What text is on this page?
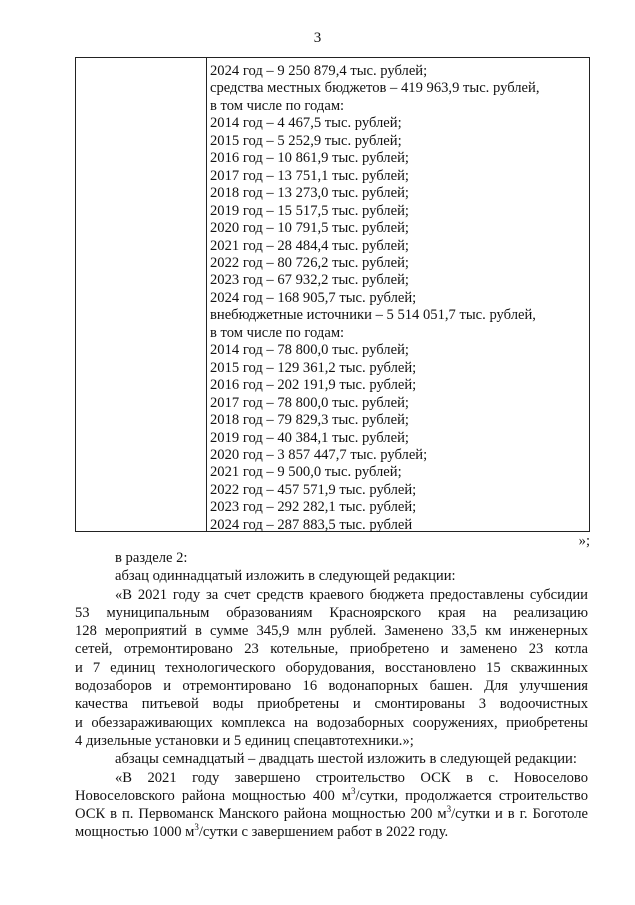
3
2024 год – 9 250 879,4 тыс. рублей;
средства местных бюджетов – 419 963,9 тыс. рублей,
в том числе по годам:
2014 год – 4 467,5 тыс. рублей;
2015 год – 5 252,9 тыс. рублей;
2016 год – 10 861,9 тыс. рублей;
2017 год – 13 751,1 тыс. рублей;
2018 год – 13 273,0 тыс. рублей;
2019 год – 15 517,5 тыс. рублей;
2020 год – 10 791,5 тыс. рублей;
2021 год – 28 484,4 тыс. рублей;
2022 год – 80 726,2 тыс. рублей;
2023 год – 67 932,2 тыс. рублей;
2024 год – 168 905,7 тыс. рублей;
внебюджетные источники – 5 514 051,7 тыс. рублей,
в том числе по годам:
2014 год – 78 800,0 тыс. рублей;
2015 год – 129 361,2 тыс. рублей;
2016 год – 202 191,9 тыс. рублей;
2017 год – 78 800,0 тыс. рублей;
2018 год – 79 829,3 тыс. рублей;
2019 год – 40 384,1 тыс. рублей;
2020 год – 3 857 447,7 тыс. рублей;
2021 год – 9 500,0 тыс. рублей;
2022 год – 457 571,9 тыс. рублей;
2023 год – 292 282,1 тыс. рублей;
2024 год – 287 883,5 тыс. рублей
»;

в разделе 2:

абзац одиннадцатый изложить в следующей редакции:

«В 2021 году за счет средств краевого бюджета предоставлены субсидии

53 муниципальным образованиям Красноярского края на реализацию

128 мероприятий в сумме 345,9 млн рублей. Заменено 33,5 км инженерных

сетей, отремонтировано 23 котельные, приобретено и заменено 23 котла

и 7 единиц технологического оборудования, восстановлено 15 скважинных

водозаборов и отремонтировано 16 водонапорных башен. Для улучшения

качества питьевой воды приобретены и смонтированы 3 водоочистных

и обеззараживающих комплекса на водозаборных сооружениях, приобретены

4 дизельные установки и 5 единиц спецавтотехники.»;

абзацы семнадцатый – двадцать шестой изложить в следующей редакции:

«В 2021 году завершено строительство ОСК в с. Новоселово

Новоселовского района мощностью 400 $м^3$/сутки, продолжается строительство

ОСК в п. Первоманск Манского района мощностью 200 $м^3$/сутки и в г. Боготоле

мощностью 1000 $м^3$/сутки с завершением работ в 2022 году.
